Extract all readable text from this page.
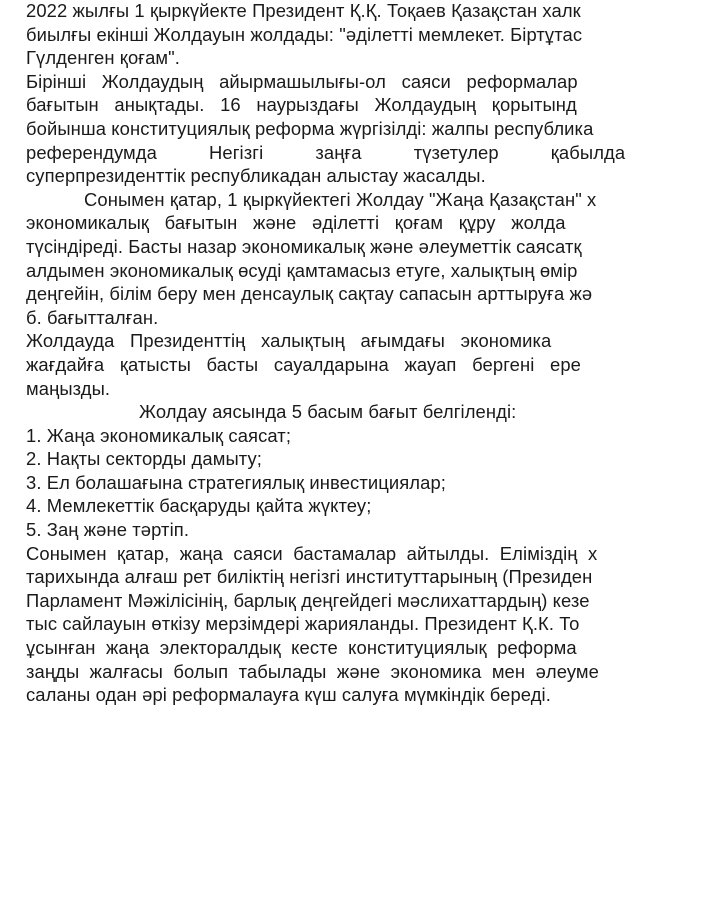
2022 жылғы 1 қыркүйекте Президент Қ.Қ. Тоқаев Қазақстан халк
биылғы екінші Жолдауын жолдады: "әділетті мемлекет. Біртұтас
Гүлденген қоғам".
Бірінші   Жолдаудың   айырмашылығы-ол   саяси   реформалар
бағытын   анықтады.   16   наурыздағы   Жолдаудың   қорытынд
бойынша конституциялық реформа жүргізілді: жалпы республика
референдумда          Негізгі          заңға          түзетулер          қабылда
суперпрезиденттік республикадан алыстау жасалды.
Сонымен қатар, 1 қыркүйектегі Жолдау "Жаңа Қазақстан" х
экономикалық   бағытын   және   әділетті   қоғам   құру   жолда
түсіндіреді. Басты назар экономикалық және әлеуметтік саясатқ
алдымен экономикалық өсуді қамтамасыз етуге, халықтың өмір
деңгейін, білім беру мен денсаулық сақтау сапасын арттыруға жә
б. бағытталған.
Жолдауда   Президенттің   халықтың   ағымдағы   экономика
жағдайға   қатысты   басты   сауалдарына   жауап   бергені   ере
маңызды.
Жолдау аясында 5 басым бағыт белгіленді:
1. Жаңа экономикалық саясат;
2. Нақты секторды дамыту;
3. Ел болашағына стратегиялық инвестициялар;
4. Мемлекеттік басқаруды қайта жүктеу;
5. Заң және тәртіп.
Сонымен  қатар,  жаңа  саяси  бастамалар  айтылды.  Еліміздің  х
тарихында алғаш рет биліктің негізгі институттарының (Президен
Парламент Мәжілісінің, барлық деңгейдегі мәслихаттардың) кезе
тыс сайлауын өткізу мерзімдері жарияланды. Президент Қ.К. То
ұсынған  жаңа  электоралдық  кесте  конституциялық  реформа
заңды  жалғасы  болып  табылады  және  экономика  мен  әлеуме
саланы одан әрі реформалауға күш салуға мүмкіндік береді.
